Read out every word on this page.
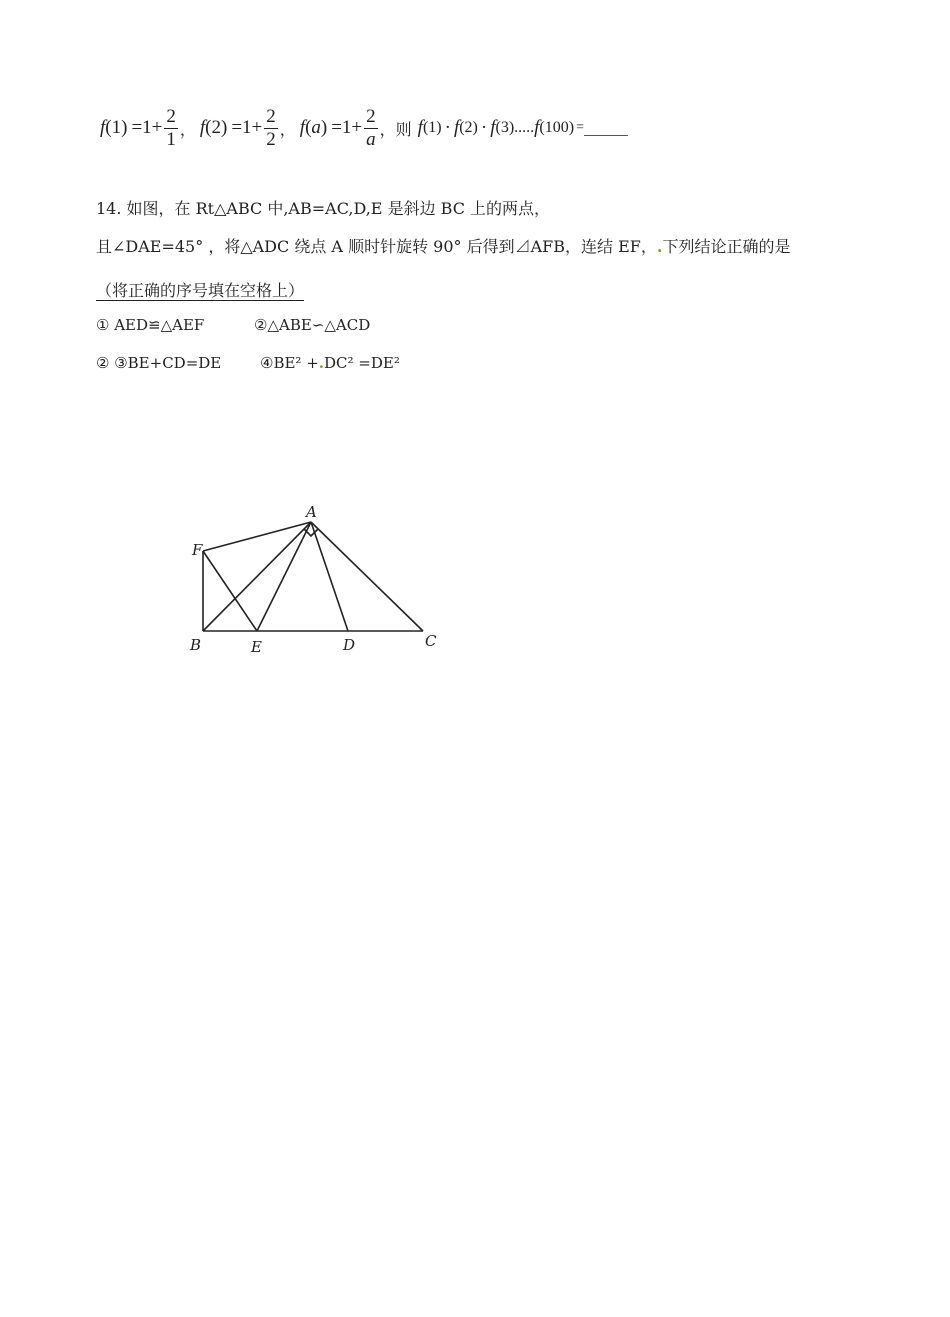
f $(1) =1+ \frac{2}{1}$ ， f $(2) =1+ \frac{2}{2}$ ， f ( a ) $=1+ \frac{2}{a}$ ，则 f (1) · f (2) · f (3)..... f (100) =
14. 如图，在 Rt△ABC 中,AB=AC,D,E 是斜边 BC 上的两点，
且∠DAE=45° ，将△ADC 绕点 A 顺时针旋转 90° 后得到⊿AFB，连结 EF，.下列结论正确的是
（将正确的序号填在空格上）
① AED≌△AEF	②△ABE∽△ACD
② ③BE+CD=DE	④BE² +.DC² =DE²
A
F
B	E	D	C
